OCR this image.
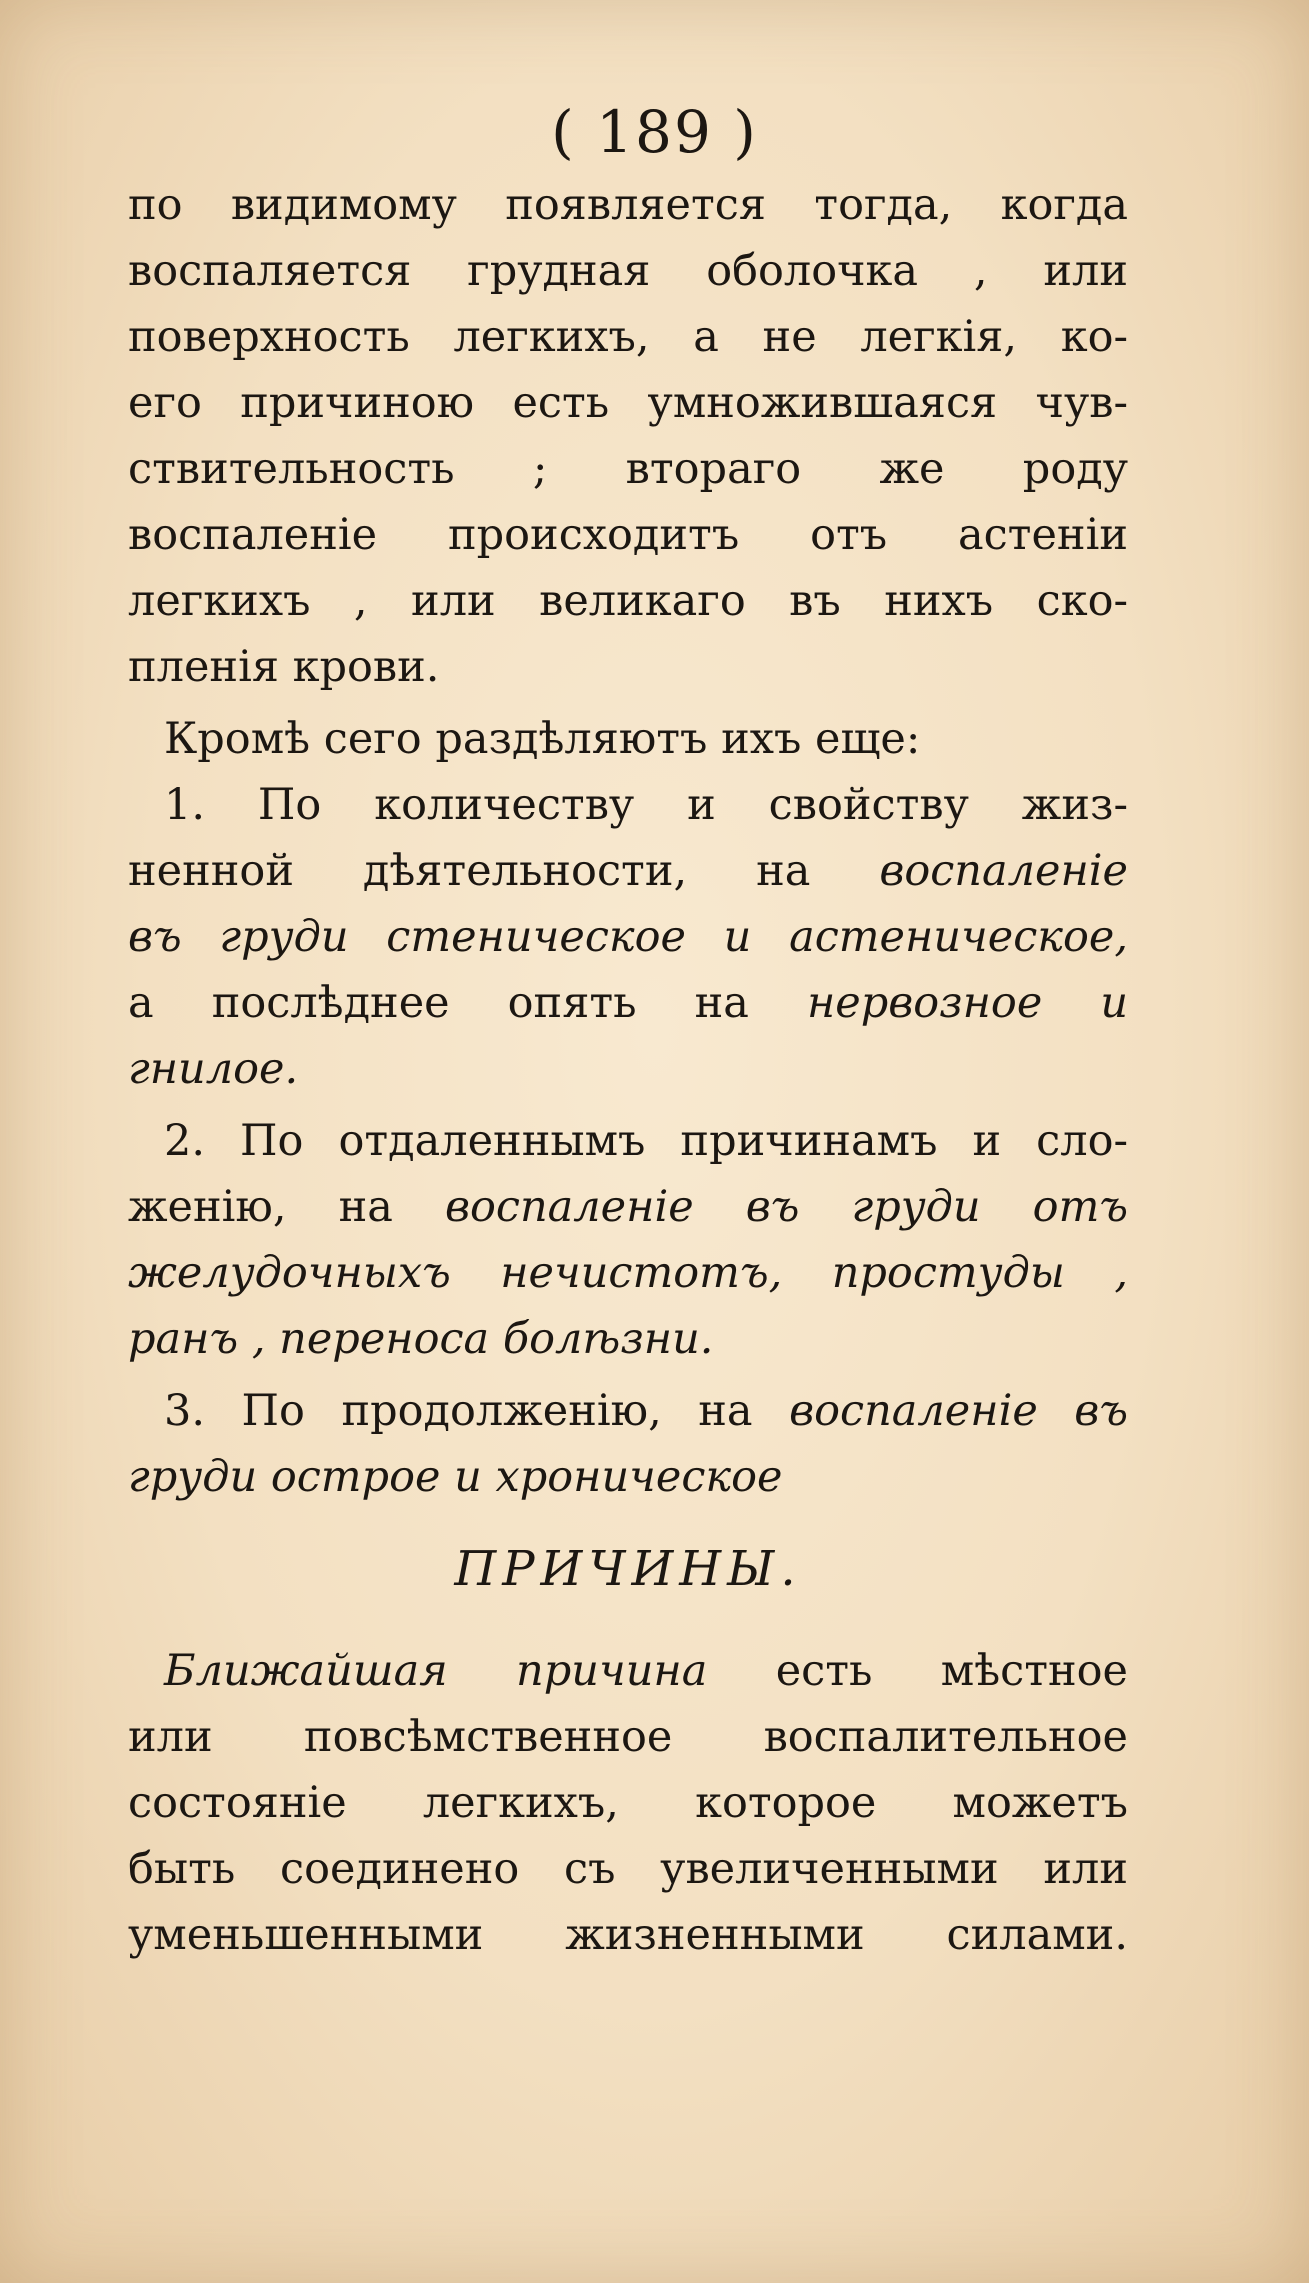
( 189 )
по видимому появляется тогда, когда
воспаляется грудная оболочка , или
поверхность легкихъ, а не легкія, ко-
его причиною есть умножившаяся чув-
ствительность ; втораго же роду
воспаленіе происходитъ отъ астеніи
легкихъ , или великаго въ нихъ ско-
пленія крови.
Кромѣ сего раздѣляютъ ихъ еще:
1. По количеству и свойству жиз-
ненной дѣятельности, на воспаленіе
въ груди стеническое и астеническое,
а послѣднее опять на нервозное и
гнилое.
2. По отдаленнымъ причинамъ и сло-
женію, на воспаленіе въ груди отъ
желудочныхъ нечистотъ, простуды ,
ранъ , переноса болѣзни.
3. По продолженію, на воспаленіе въ
груди острое и хроническое
ПРИЧИНЫ.
Ближайшая причина есть мѣстное
или повсѣмственное воспалительное
состояніе легкихъ, которое можетъ
быть соединено съ увеличенными или
уменьшенными жизненными силами.
